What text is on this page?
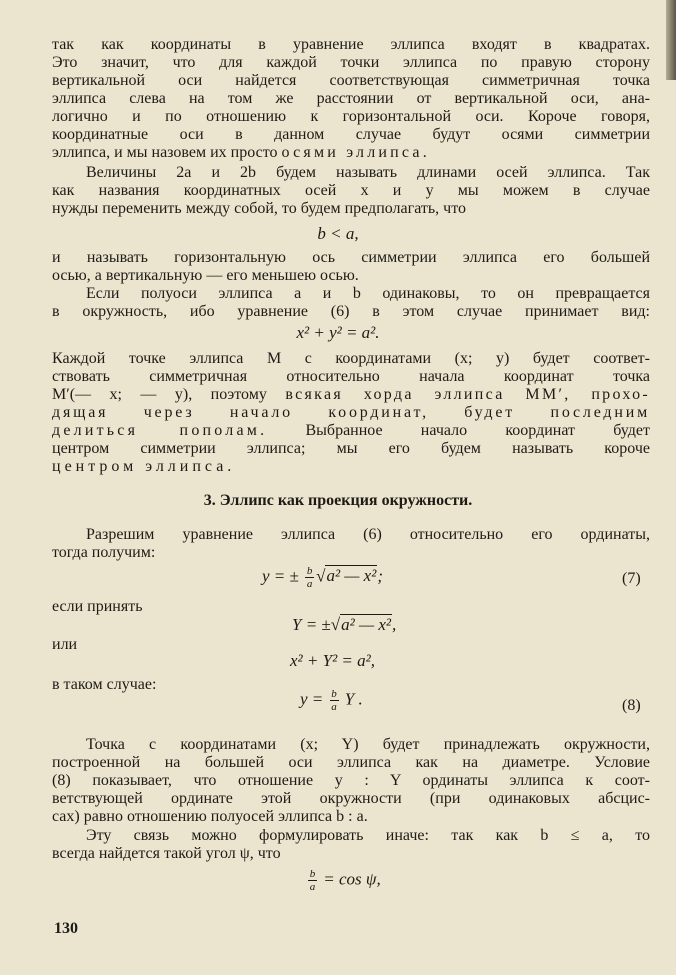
так как координаты в уравнение эллипса входят в квадратах.
Это значит, что для каждой точки эллипса по правую сторону
вертикальной оси найдется соответствующая симметричная точка
эллипса слева на том же расстоянии от вертикальной оси, ана-
логично и по отношению к горизонтальной оси. Короче говоря,
координатные оси в данном случае будут осями симметрии
эллипса, и мы назовем их просто осями эллипса.
Величины 2a и 2b будем называть длинами осей эллипса. Так
как названия координатных осей x и y мы можем в случае
нужды переменить между собой, то будем предполагать, что
b < a,
и называть горизонтальную ось симметрии эллипса его большей
осью, а вертикальную — его меньшею осью.
Если полуоси эллипса a и b одинаковы, то он превращается
в окружность, ибо уравнение (6) в этом случае принимает вид:
x² + y² = a².
Каждой точке эллипса M с координатами (x; y) будет соответ-
ствовать симметричная относительно начала координат точка
M′(— x; — y), поэтому всякая хорда эллипса MM′, прохо-
дящая через начало координат, будет последним
делиться пополам. Выбранное начало координат будет
центром симметрии эллипса; мы его будем называть короче
центром эллипса.
3. Эллипс как проекция окружности.
Разрешим уравнение эллипса (6) относительно его ординаты,
тогда получим:
y = ± $\frac{b}{a} √a^2$ — x²;	(7)
если принять
Y = ±√a² — x²,
или
x² + Y² = a²,
в таком случае:
$y = \frac{b}{a}$ Y .	(8)
Точка с координатами (x; Y) будет принадлежать окружности,
построенной на большей оси эллипса как на диаметре. Условие
(8) показывает, что отношение y : Y ординаты эллипса к соот-
ветствующей ординате этой окружности (при одинаковых абсцис-
сах) равно отношению полуосей эллипса b : a.
Эту связь можно формулировать иначе: так как b ≤ a, то
всегда найдется такой угол ψ, что
$\frac{b}{a} = \cos \psi$,
130
